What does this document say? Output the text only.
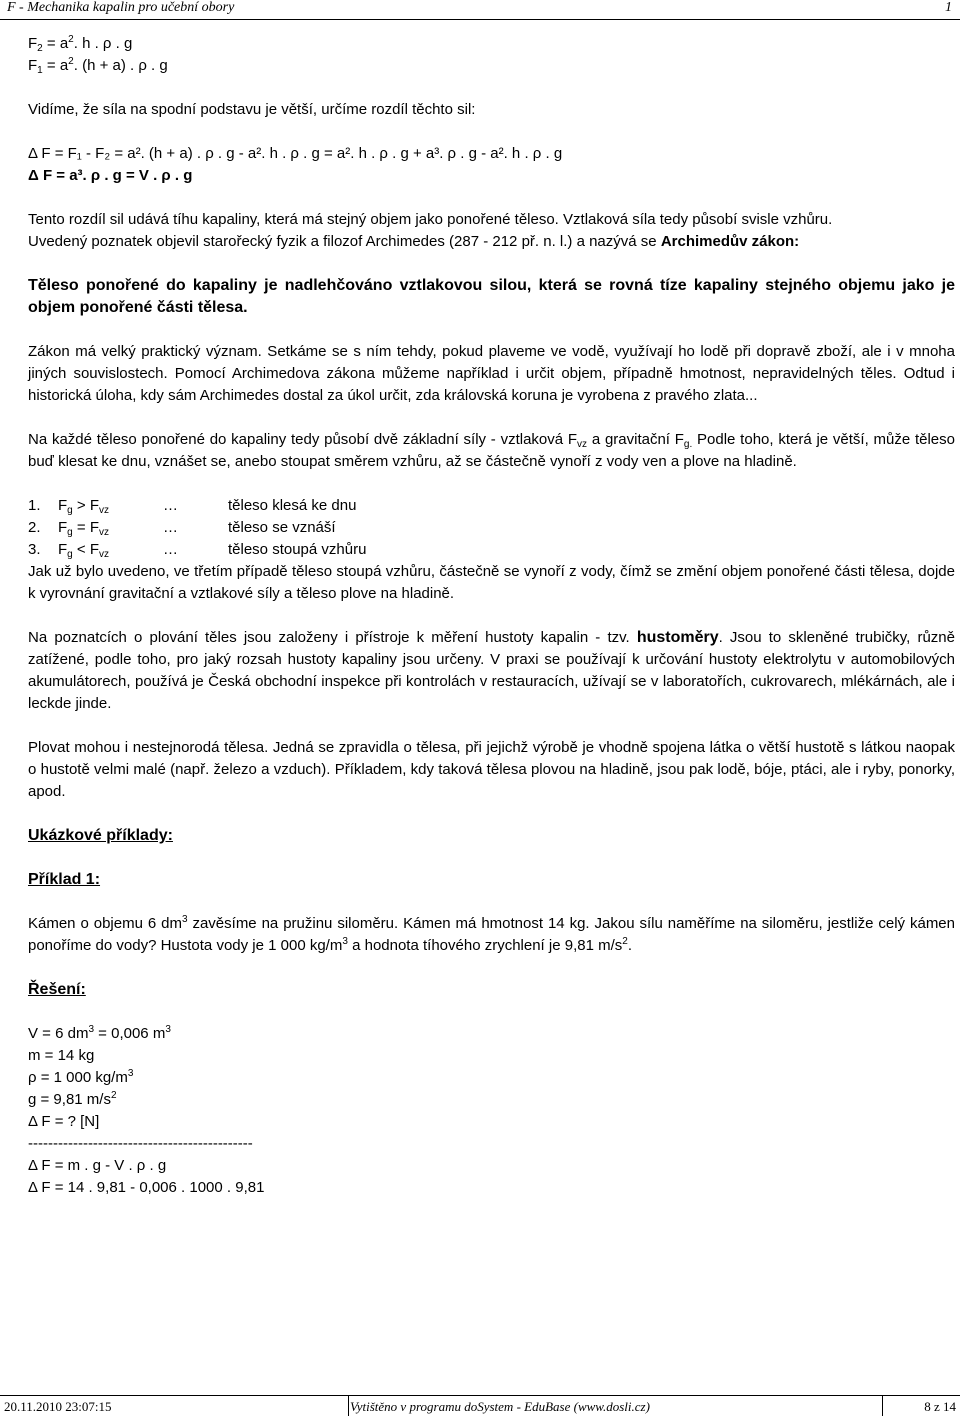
F - Mechanika kapalin pro učební obory	1

$F_2 = a^2$. h . ρ . g

$F_1 = a^2$. (h + a) . ρ . g

Vidíme, že síla na spodní podstavu je větší, určíme rozdíl těchto sil:

Δ F = F₁ - F₂ = a². (h + a) . ρ . g - a². h . ρ . g = a². h . ρ . g + a³. ρ . g - a². h . ρ . g

Δ F = a³. ρ . g = V . ρ . g

Tento rozdíl sil udává tíhu kapaliny, která má stejný objem jako ponořené těleso. Vztlaková síla tedy působí svisle vzhůru.

Uvedený poznatek objevil starořecký fyzik a filozof Archimedes (287 - 212 př. n. l.) a nazývá se Archimedův zákon:

Těleso ponořené do kapaliny je nadlehčováno vztlakovou silou, která se rovná tíze kapaliny stejného objemu jako je objem ponořené části tělesa.

Zákon má velký praktický význam. Setkáme se s ním tehdy, pokud plaveme ve vodě, využívají ho lodě při dopravě zboží, ale i v mnoha jiných souvislostech. Pomocí Archimedova zákona můžeme například i určit objem, případně hmotnost, nepravidelných těles. Odtud i historická úloha, kdy sám Archimedes dostal za úkol určit, zda královská koruna je vyrobena z pravého zlata...

Na každé těleso ponořené do kapaliny tedy působí dvě základní síly - vztlaková $F_{vz}$ a gravitační $F_{g.}$ Podle toho, která je větší, může těleso buď klesat ke dnu, vznášet se, anebo stoupat směrem vzhůru, až se částečně vynoří z vody ven a plove na hladině.

1.	$F_g > F_{vz}$	…	těleso klesá ke dnu
2.	$F_g = F_{vz}$	…	těleso se vznáší
3.	$F_g < F_{vz}$	…	těleso stoupá vzhůru

Jak už bylo uvedeno, ve třetím případě těleso stoupá vzhůru, částečně se vynoří z vody, čímž se změní objem ponořené části tělesa, dojde k vyrovnání gravitační a vztlakové síly a těleso plove na hladině.

Na poznatcích o plování těles jsou založeny i přístroje k měření hustoty kapalin - tzv. hustoměry. Jsou to skleněné trubičky, různě zatížené, podle toho, pro jaký rozsah hustoty kapaliny jsou určeny. V praxi se používají k určování hustoty elektrolytu v automobilových akumulátorech, používá je Česká obchodní inspekce při kontrolách v restauracích, užívají se v laboratořích, cukrovarech, mlékárnách, ale i leckde jinde.

Plovat mohou i nestejnorodá tělesa. Jedná se zpravidla o tělesa, při jejichž výrobě je vhodně spojena látka o větší hustotě s látkou naopak o hustotě velmi malé (např. železo a vzduch). Příkladem, kdy taková tělesa plovou na hladině, jsou pak lodě, bóje, ptáci, ale i ryby, ponorky, apod.

Ukázkové příklady:

Příklad 1:

Kámen o objemu 6 $dm^3$ zavěsíme na pružinu siloměru. Kámen má hmotnost 14 kg. Jakou sílu naměříme na siloměru, jestliže celý kámen ponoříme do vody? Hustota vody je 1 000 $kg/m^3$ a hodnota tíhového zrychlení je 9,81 $m/s^2$.

Řešení:

V = 6 $dm^3 = 0,006$ $m^3$

m = 14 kg

ρ = 1 000 $kg/m^3$

g = 9,81 $m/s^2$

Δ F = ? [N]

---------------------------------------------

Δ F = m . g - V . ρ . g

Δ F = 14 . 9,81 - 0,006 . 1000 . 9,81

20.11.2010 23:07:15	Vytištěno v programu doSystem - EduBase (www.dosli.cz)	8 z 14
